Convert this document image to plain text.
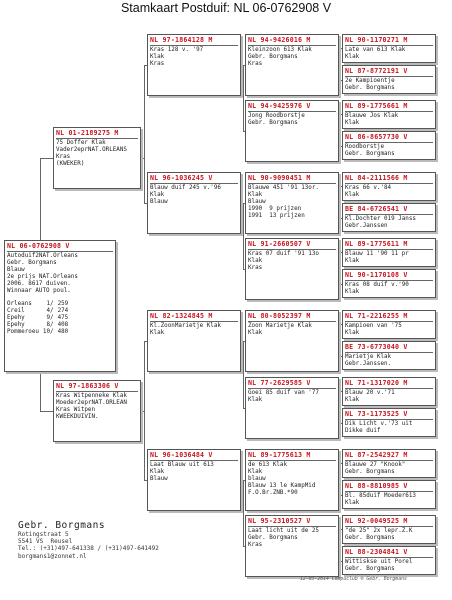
Stamkaart Postduif: NL 06-0762908 V
NL 06-0762908 V
Autoduif2NAT.Orleans
Gebr. Borgmans
Blauw
2e prijs NAT.Orleans
2006. 8617 duiven.
Winnaar AUTO poul.
Orleans	1/	259
Creil	4/	274
Epehy	9/	475
Epehy	8/	408
Pommeroeu	10/	480
NL 01-2189275 M
75 Doffer Klak
Vader2eprNAT.ORLEANS
Kras
(KWEKER)
NL 97-1863306 V
Kras Witpenneke Klak
Moeder2eprNAT.ORLEAN
Kras Witpen
KWEEKDUIVIN.
NL 97-1864128 M
Kras 128 v. '97
Klak
Kras
NL 96-1036245 V
Blauw duif 245 v.'96
Klak
Blauw
NL 82-1324845 M
Kl.ZoonMarietje Klak
Klak
NL 96-1036484 V
Laat Blauw uit 613
Klak
Blauw
NL 94-9426016 M
Kleinzoon 613 Klak
Gebr. Borgmans
Kras
NL 94-9425976 V
Jong Roodborstje
Gebr. Borgmans
NL 90-9090451 M
Blauwe 451 '91 13or.
Klak
Blauw
1990  9 prijzen
1991  13 prijzen
NL 91-2660507 V
Kras 07 duif '91 13o
Klak
Kras
NL 80-8052397 M
Zoon Marietje Klak
Klak
NL 77-2629585 V
Goei 85 duif van '77
Klak
NL 89-1775613 M
de 613 Klak
Klak
blauw
Blauw 13 le KampMid
F.O.Br.ZNB.*90
NL 95-2310527 V
Laat licht uit de 25
Gebr. Borgmans
Kras
NL 90-1170271 M
Late van 613 Klak
Klak
NL 87-8772191 V
2e Kampioentje
Gebr. Borgmans
NL 89-1775661 M
Blauwe Jos Klak
Klak
NL 86-8657730 V
Roodborstje
Gebr. Borgmans
NL 84-2111566 M
Kras 66 v.'84
Klak
BE 84-6726541 V
Kl.Dochter 019 Janss
Gebr.Janssen
NL 89-1775611 M
Blauw 11 '90 11 pr
Klak
NL 90-1170108 V
Kras 08 duif v.'90
Klak
NL 71-2216255 M
Kampioen van '75
Klak
BE 73-6773040 V
Marietje Klak
Gebr.Janssen.
NL 71-1317020 M
Blauw 20 v.'71
Klak
NL 73-1173525 V
Dik Licht v.'73 uit
Dikke duif
NL 87-2542927 M
Blauwe 27 "Knook"
Gebr. Borgmans
NL 88-8810985 V
Bl. 85duif Moeder613
Klak
NL 92-0049525 M
"de 25" 2x lepr.Z.K
Gebr. Borgmans
NL 88-2304841 V
Wittiskse uit Porel
Gebr. Borgmans
Gebr. Borgmans
Rotingstraat 5
5541 VS  Reusel
Tel.: (+31)497-641338 / (+31)497-641492
borgmans1@zonnet.nl
12-03-2014 Compuclub ® Gebr. Borgmans
